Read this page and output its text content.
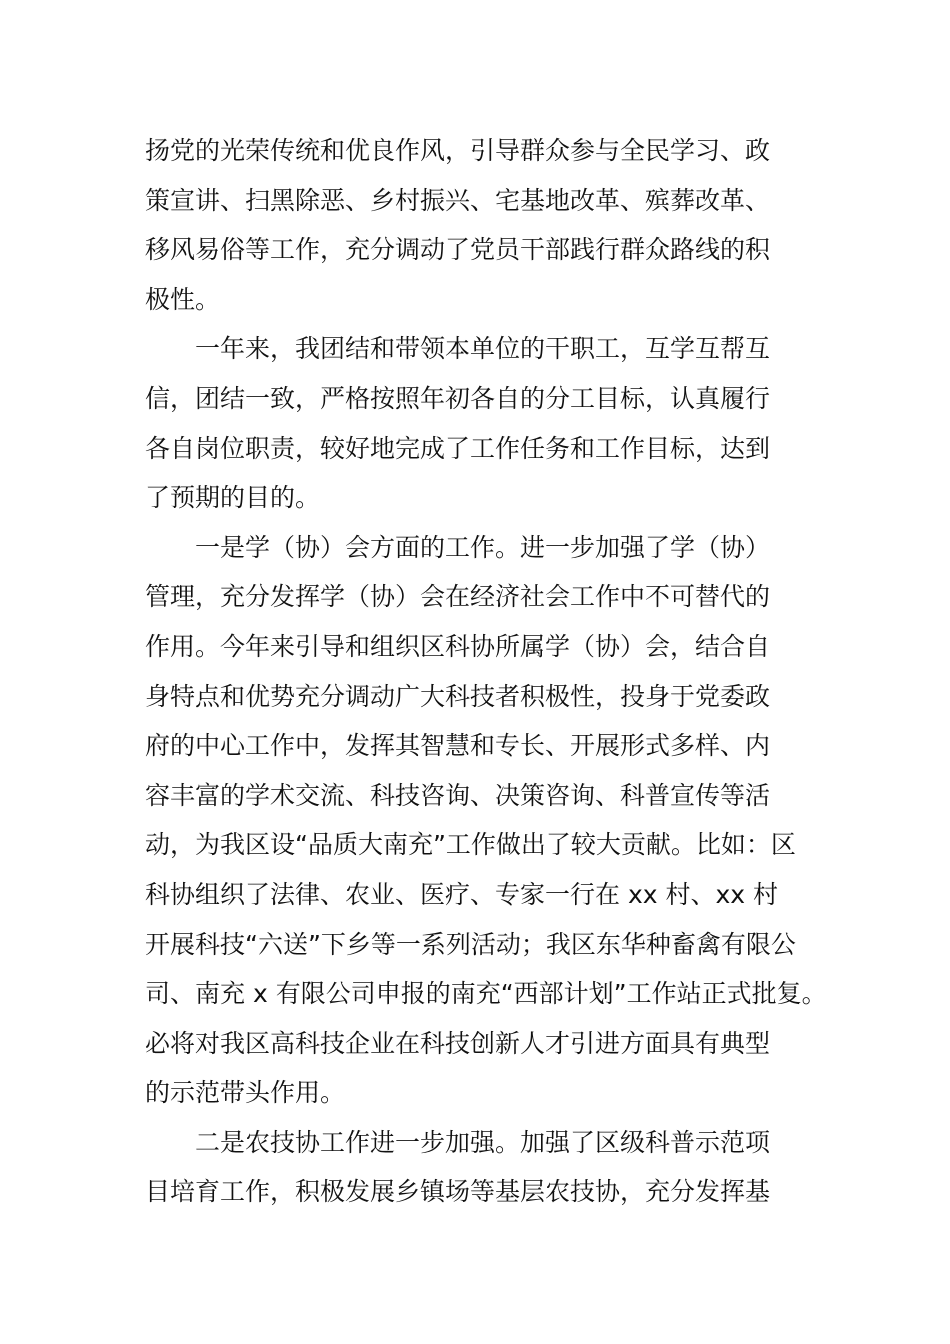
扬党的光荣传统和优良作风，引导群众参与全民学习、政
策宣讲、扫黑除恶、乡村振兴、宅基地改革、殡葬改革、
移风易俗等工作，充分调动了党员干部践行群众路线的积
极性。
一年来，我团结和带领本单位的干职工，互学互帮互
信，团结一致，严格按照年初各自的分工目标，认真履行
各自岗位职责，较好地完成了工作任务和工作目标，达到
了预期的目的。
一是学（协）会方面的工作。进一步加强了学（协）
管理，充分发挥学（协）会在经济社会工作中不可替代的
作用。今年来引导和组织区科协所属学（协）会，结合自
身特点和优势充分调动广大科技者积极性，投身于党委政
府的中心工作中，发挥其智慧和专长、开展形式多样、内
容丰富的学术交流、科技咨询、决策咨询、科普宣传等活
动，为我区设“品质大南充”工作做出了较大贡献。比如：区
科协组织了法律、农业、医疗、专家一行在 xx 村、xx 村
开展科技“六送”下乡等一系列活动；我区东华种畜禽有限公
司、南充 x 有限公司申报的南充“西部计划”工作站正式批复。
必将对我区高科技企业在科技创新人才引进方面具有典型
的示范带头作用。
二是农技协工作进一步加强。加强了区级科普示范项
目培育工作，积极发展乡镇场等基层农技协，充分发挥基
